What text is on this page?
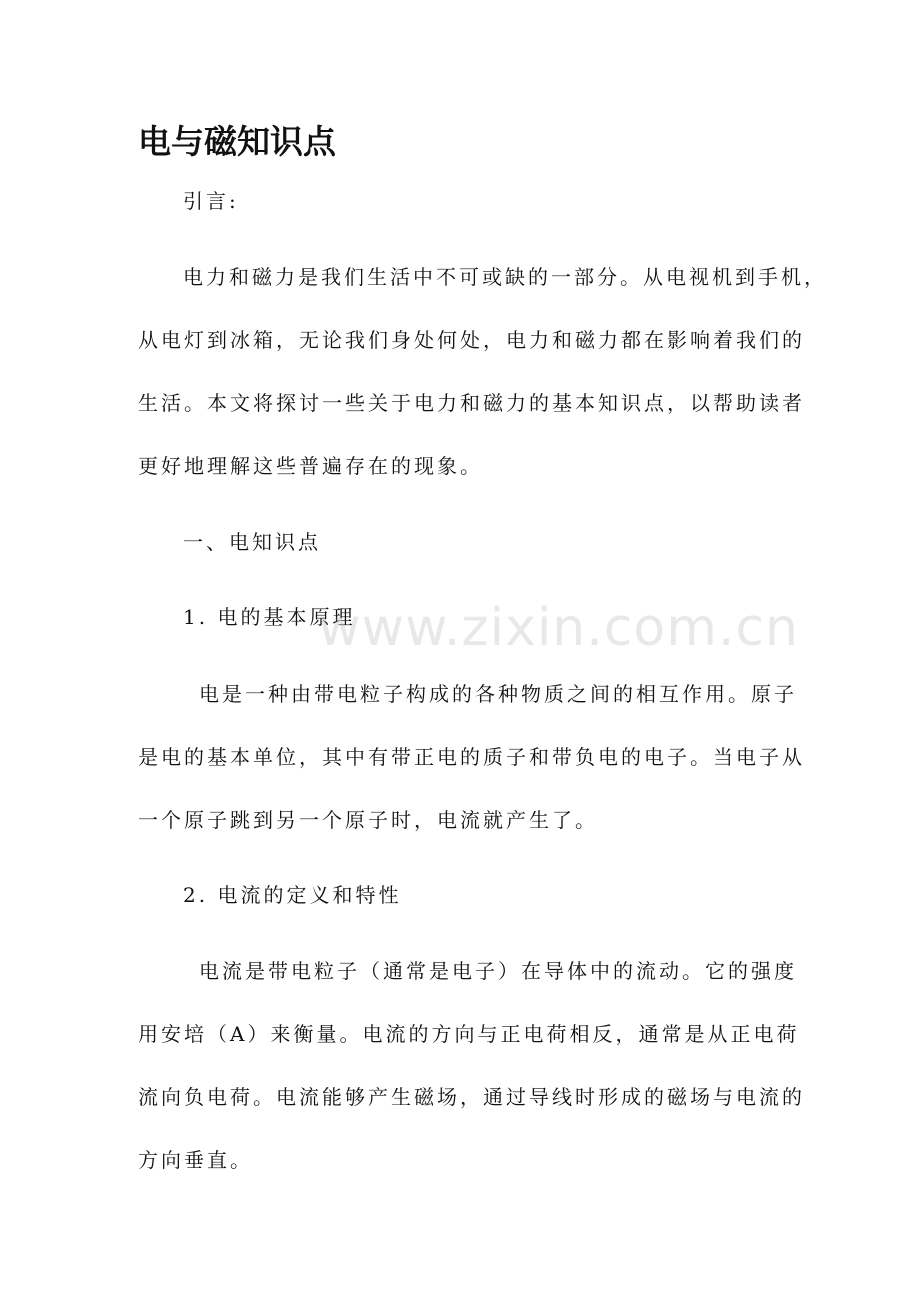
电与磁知识点
引言:
电力和磁力是我们生活中不可或缺的一部分。从电视机到手机，
从电灯到冰箱，无论我们身处何处，电力和磁力都在影响着我们的
生活。本文将探讨一些关于电力和磁力的基本知识点，以帮助读者
更好地理解这些普遍存在的现象。
一、电知识点
1. 电的基本原理
www.zixin.com.cn
电是一种由带电粒子构成的各种物质之间的相互作用。原子
是电的基本单位，其中有带正电的质子和带负电的电子。当电子从
一个原子跳到另一个原子时，电流就产生了。
2. 电流的定义和特性
电流是带电粒子（通常是电子）在导体中的流动。它的强度
用安培（A）来衡量。电流的方向与正电荷相反，通常是从正电荷
流向负电荷。电流能够产生磁场，通过导线时形成的磁场与电流的
方向垂直。
